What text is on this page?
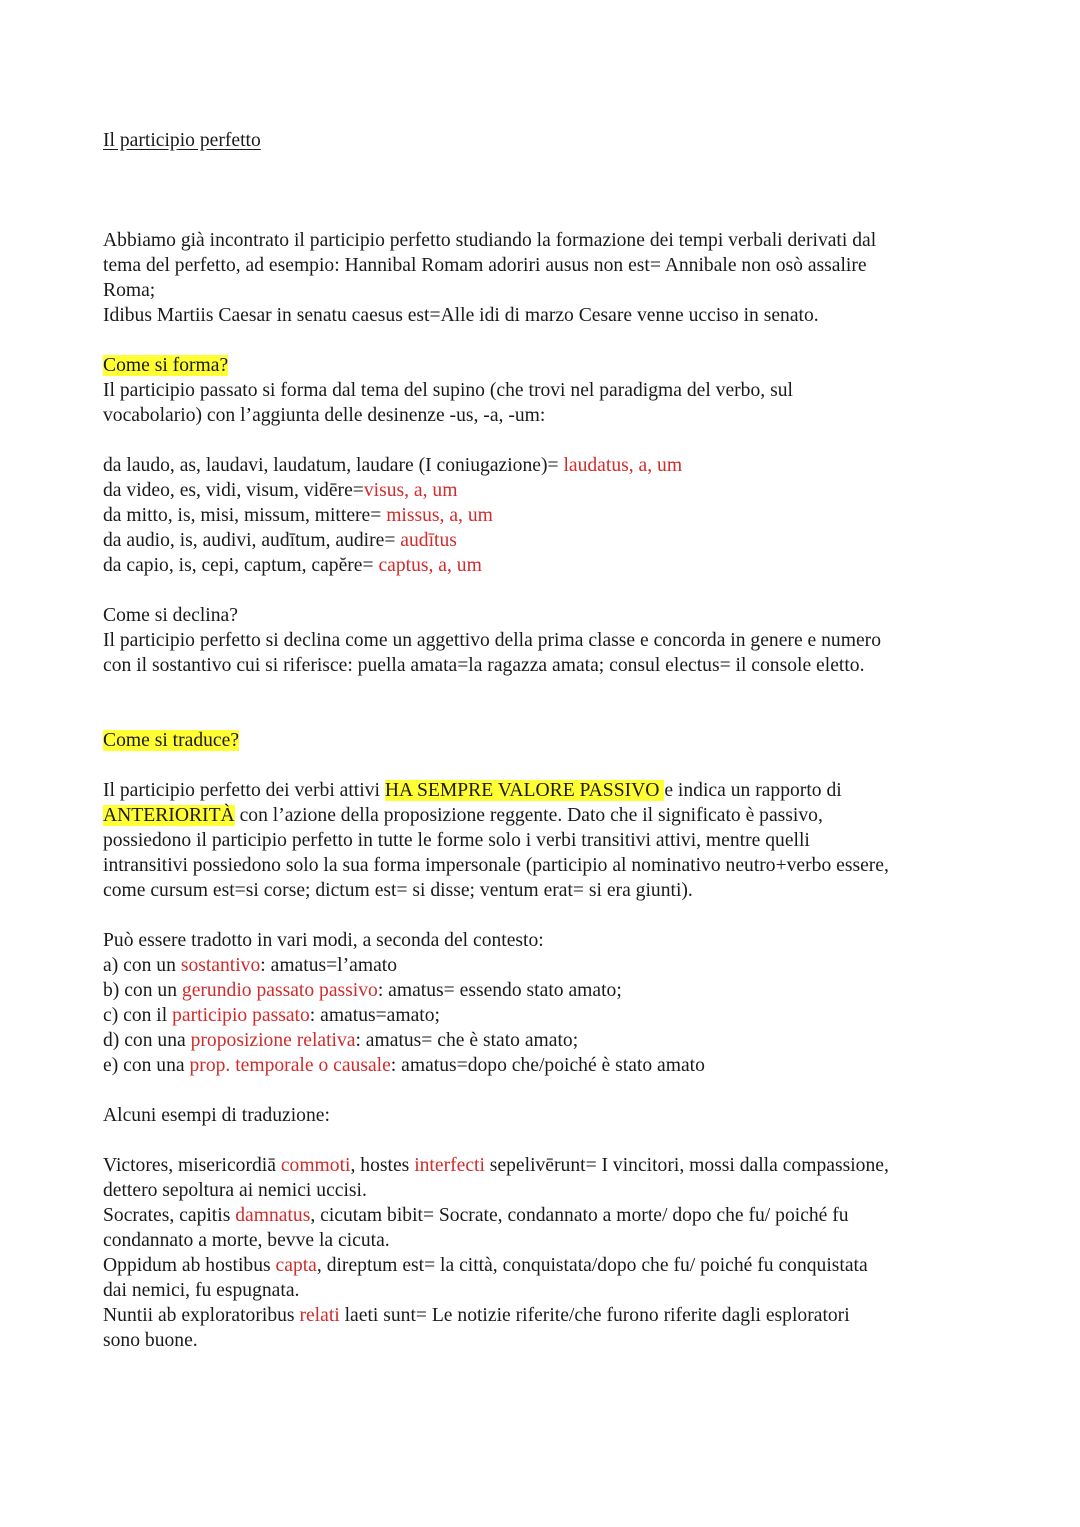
Il participio perfetto
Abbiamo già incontrato il participio perfetto studiando la formazione dei tempi verbali derivati dal
tema del perfetto, ad esempio: Hannibal Romam adoriri ausus non est= Annibale non osò assalire
Roma;
Idibus Martiis Caesar in senatu caesus est=Alle idi di marzo Cesare venne ucciso in senato.
Come si forma?
Il participio passato si forma dal tema del supino (che trovi nel paradigma del verbo, sul
vocabolario) con l’aggiunta delle desinenze -us, -a, -um:
da laudo, as, laudavi, laudatum, laudare (I coniugazione)= laudatus, a, um
da video, es, vidi, visum, vidēre=visus, a, um
da mitto, is, misi, missum, mittere= missus, a, um
da audio, is, audivi, audītum, audire= audītus
da capio, is, cepi, captum, capĕre= captus, a, um
Come si declina?
Il participio perfetto si declina come un aggettivo della prima classe e concorda in genere e numero
con il sostantivo cui si riferisce: puella amata=la ragazza amata; consul electus= il console eletto.
Come si traduce?
Il participio perfetto dei verbi attivi HA SEMPRE VALORE PASSIVO e indica un rapporto di
ANTERIORITÀ con l’azione della proposizione reggente. Dato che il significato è passivo,
possiedono il participio perfetto in tutte le forme solo i verbi transitivi attivi, mentre quelli
intransitivi possiedono solo la sua forma impersonale (participio al nominativo neutro+verbo essere,
come cursum est=si corse; dictum est= si disse; ventum erat= si era giunti).
Può essere tradotto in vari modi, a seconda del contesto:
a) con un sostantivo: amatus=l’amato
b) con un gerundio passato passivo: amatus= essendo stato amato;
c) con il participio passato: amatus=amato;
d) con una proposizione relativa: amatus= che è stato amato;
e) con una prop. temporale o causale: amatus=dopo che/poiché è stato amato
Alcuni esempi di traduzione:
Victores, misericordiā commoti, hostes interfecti sepelivērunt= I vincitori, mossi dalla compassione,
dettero sepoltura ai nemici uccisi.
Socrates, capitis damnatus, cicutam bibit= Socrate, condannato a morte/ dopo che fu/ poiché fu
condannato a morte, bevve la cicuta.
Oppidum ab hostibus capta, direptum est= la città, conquistata/dopo che fu/ poiché fu conquistata
dai nemici, fu espugnata.
Nuntii ab exploratoribus relati laeti sunt= Le notizie riferite/che furono riferite dagli esploratori
sono buone.
